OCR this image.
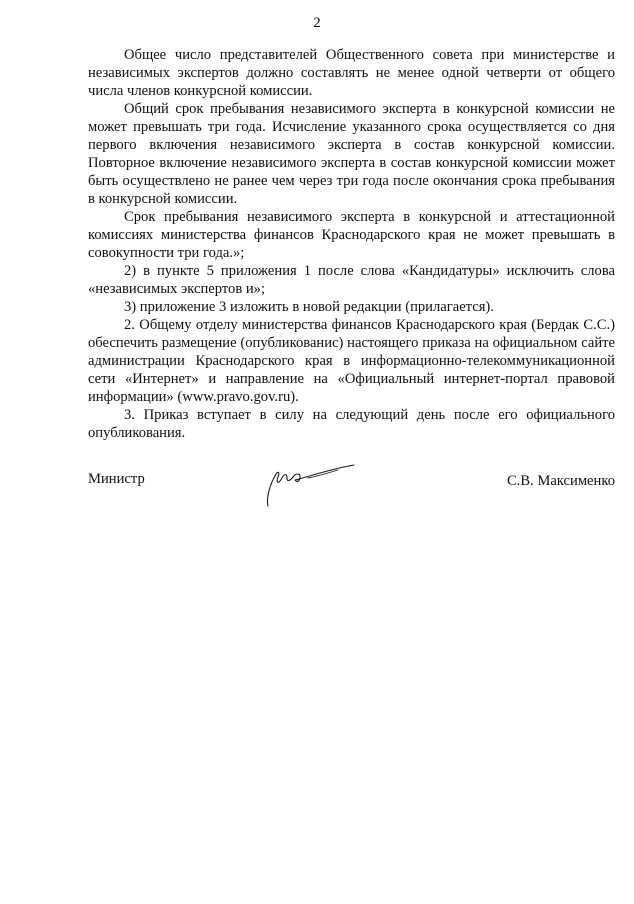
2

Общее число представителей Общественного совета при министерстве и независимых экспертов должно составлять не менее одной четверти от общего числа членов конкурсной комиссии.

Общий срок пребывания независимого эксперта в конкурсной комиссии не может превышать три года. Исчисление указанного срока осуществляется со дня первого включения независимого эксперта в состав конкурсной комиссии. Повторное включение независимого эксперта в состав конкурсной комиссии может быть осуществлено не ранее чем через три года после окончания срока пребывания в конкурсной комиссии.

Срок пребывания независимого эксперта в конкурсной и аттестационной комиссиях министерства финансов Краснодарского края не может превышать в совокупности три года.»;

2) в пункте 5 приложения 1 после слова «Кандидатуры» исключить слова «независимых экспертов и»;

3) приложение 3 изложить в новой редакции (прилагается).

2. Общему отделу министерства финансов Краснодарского края (Бердак С.С.) обеспечить размещение (опубликованис) настоящего приказа на официальном сайте администрации Краснодарского края в информационно-телекоммуникационной сети «Интернет» и направление на «Официальный интернет-портал правовой информации» (www.pravo.gov.ru).

3. Приказ вступает в силу на следующий день после его официального опубликования.

Министр	С.В. Максименко
